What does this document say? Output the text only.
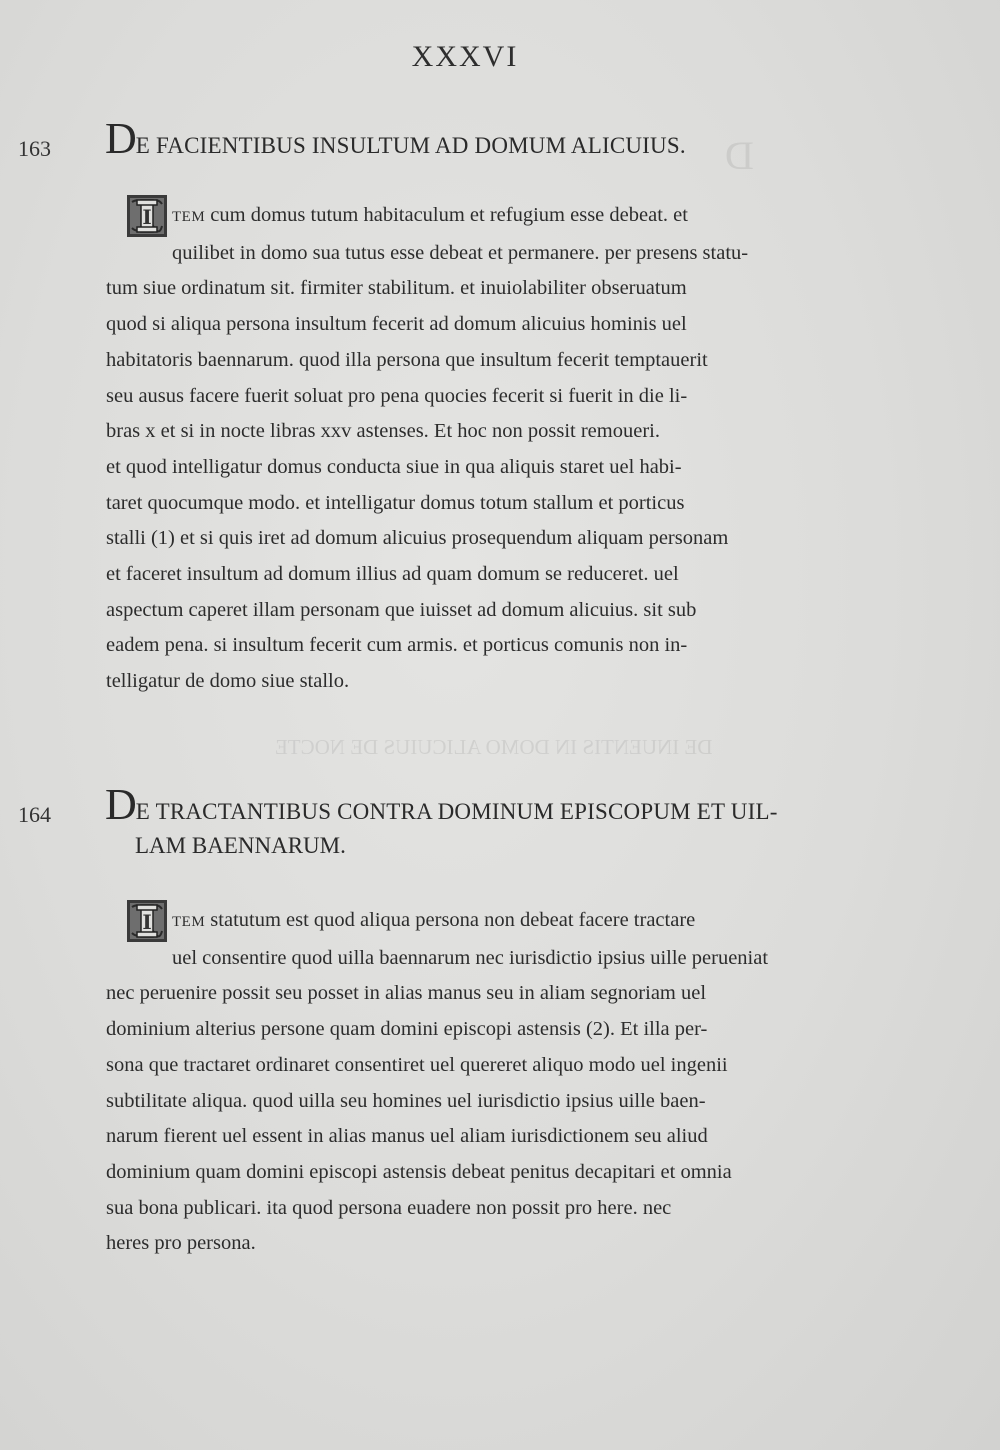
DE INUENTIS IN DOMO ALICUIUS DE NOCTE
D
XXXVI
163 DE FACIENTIBUS INSULTUM AD DOMUM ALICUIUS.
I TEM cum domus tutum habitaculum et refugium esse debeat. et
quilibet in domo sua tutus esse debeat et permanere. per presens statu-
tum siue ordinatum sit. firmiter stabilitum. et inuiolabiliter obseruatum
quod si aliqua persona insultum fecerit ad domum alicuius hominis uel
habitatoris baennarum. quod illa persona que insultum fecerit temptauerit
seu ausus facere fuerit soluat pro pena quocies fecerit si fuerit in die li-
bras x et si in nocte libras xxv astenses. Et hoc non possit remoueri.
et quod intelligatur domus conducta siue in qua aliquis staret uel habi-
taret quocumque modo. et intelligatur domus totum stallum et porticus
stalli (1) et si quis iret ad domum alicuius prosequendum aliquam personam
et faceret insultum ad domum illius ad quam domum se reduceret. uel
aspectum caperet illam personam que iuisset ad domum alicuius. sit sub
eadem pena. si insultum fecerit cum armis. et porticus comunis non in-
telligatur de domo siue stallo.
164 DE TRACTANTIBUS CONTRA DOMINUM EPISCOPUM ET UIL-
LAM BAENNARUM.
I TEM statutum est quod aliqua persona non debeat facere tractare
uel consentire quod uilla baennarum nec iurisdictio ipsius uille perueniat
nec peruenire possit seu posset in alias manus seu in aliam segnoriam uel
dominium alterius persone quam domini episcopi astensis (2). Et illa per-
sona que tractaret ordinaret consentiret uel quereret aliquo modo uel ingenii
subtilitate aliqua. quod uilla seu homines uel iurisdictio ipsius uille baen-
narum fierent uel essent in alias manus uel aliam iurisdictionem seu aliud
dominium quam domini episcopi astensis debeat penitus decapitari et omnia
sua bona publicari. ita quod persona euadere non possit pro here. nec
heres pro persona.
